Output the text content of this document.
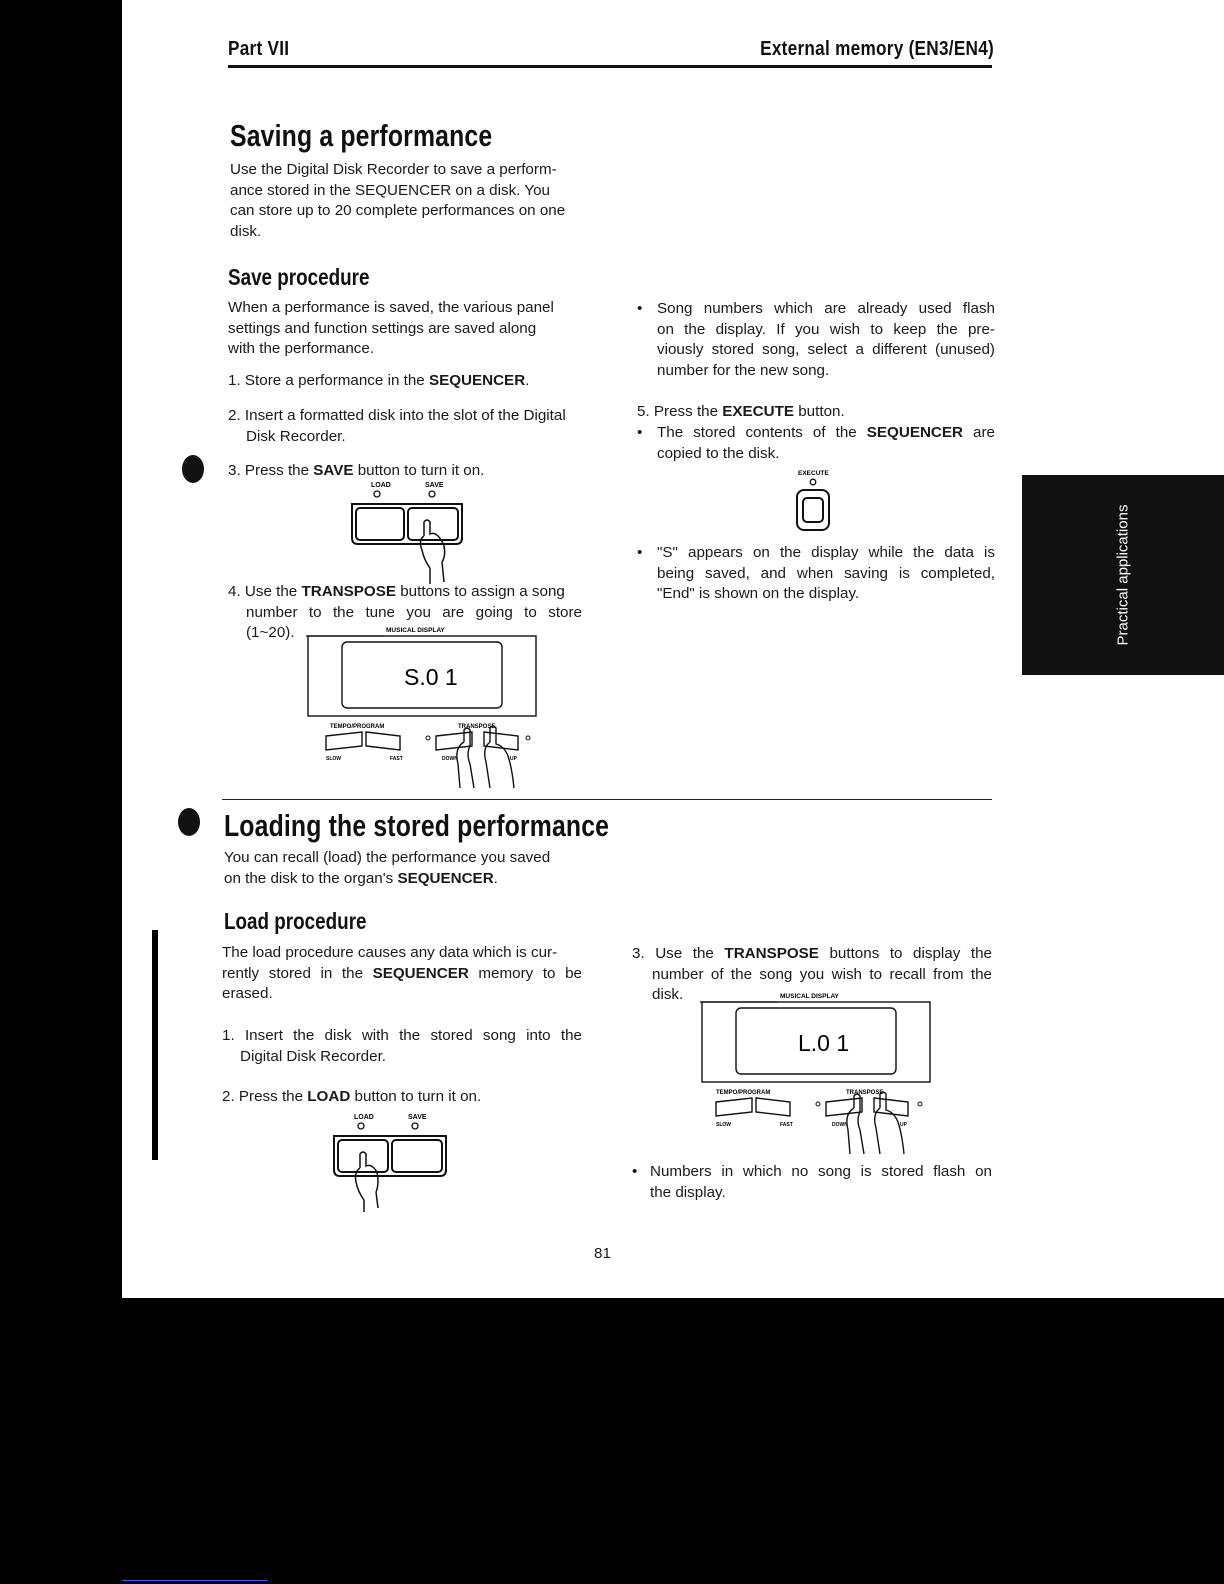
Part VII	External memory (EN3/EN4)
Saving a performance
Use the Digital Disk Recorder to save a perform-
ance stored in the SEQUENCER on a disk. You
can store up to 20 complete performances on one
disk.
Save procedure
When a performance is saved, the various panel
settings and function settings are saved along
with the performance.
1. Store a performance in the SEQUENCER.
2. Insert a formatted disk into the slot of the Digital
Disk Recorder.
3. Press the SAVE button to turn it on.
LOAD	SAVE
4. Use the TRANSPOSE buttons to assign a song
number to the tune you are going to store
(1~20).	MUSICAL DISPLAY
S.0 1
TEMPO/PROGRAM	TRANSPOSE
SLOW	FAST	DOWN	UP
• Song numbers which are already used flash
on the display. If you wish to keep the pre-
viously stored song, select a different (unused)
number for the new song.
5. Press the EXECUTE button.
• The stored contents of the SEQUENCER are
copied to the disk.
EXECUTE
• "S" appears on the display while the data is
being saved, and when saving is completed,
"End" is shown on the display.	Practical applications
Loading the stored performance
You can recall (load) the performance you saved
on the disk to the organ's SEQUENCER.
Load procedure
The load procedure causes any data which is cur-
rently stored in the SEQUENCER memory to be
erased.
1. Insert the disk with the stored song into the
Digital Disk Recorder.
2. Press the LOAD button to turn it on.
LOAD	SAVE
3. Use the TRANSPOSE buttons to display the
number of the song you wish to recall from the
disk.	MUSICAL DISPLAY
L.0 1
TEMPO/PROGRAM	TRANSPOSE
SLOW	FAST	DOWN	UP
• Numbers in which no song is stored flash on
the display.
81
